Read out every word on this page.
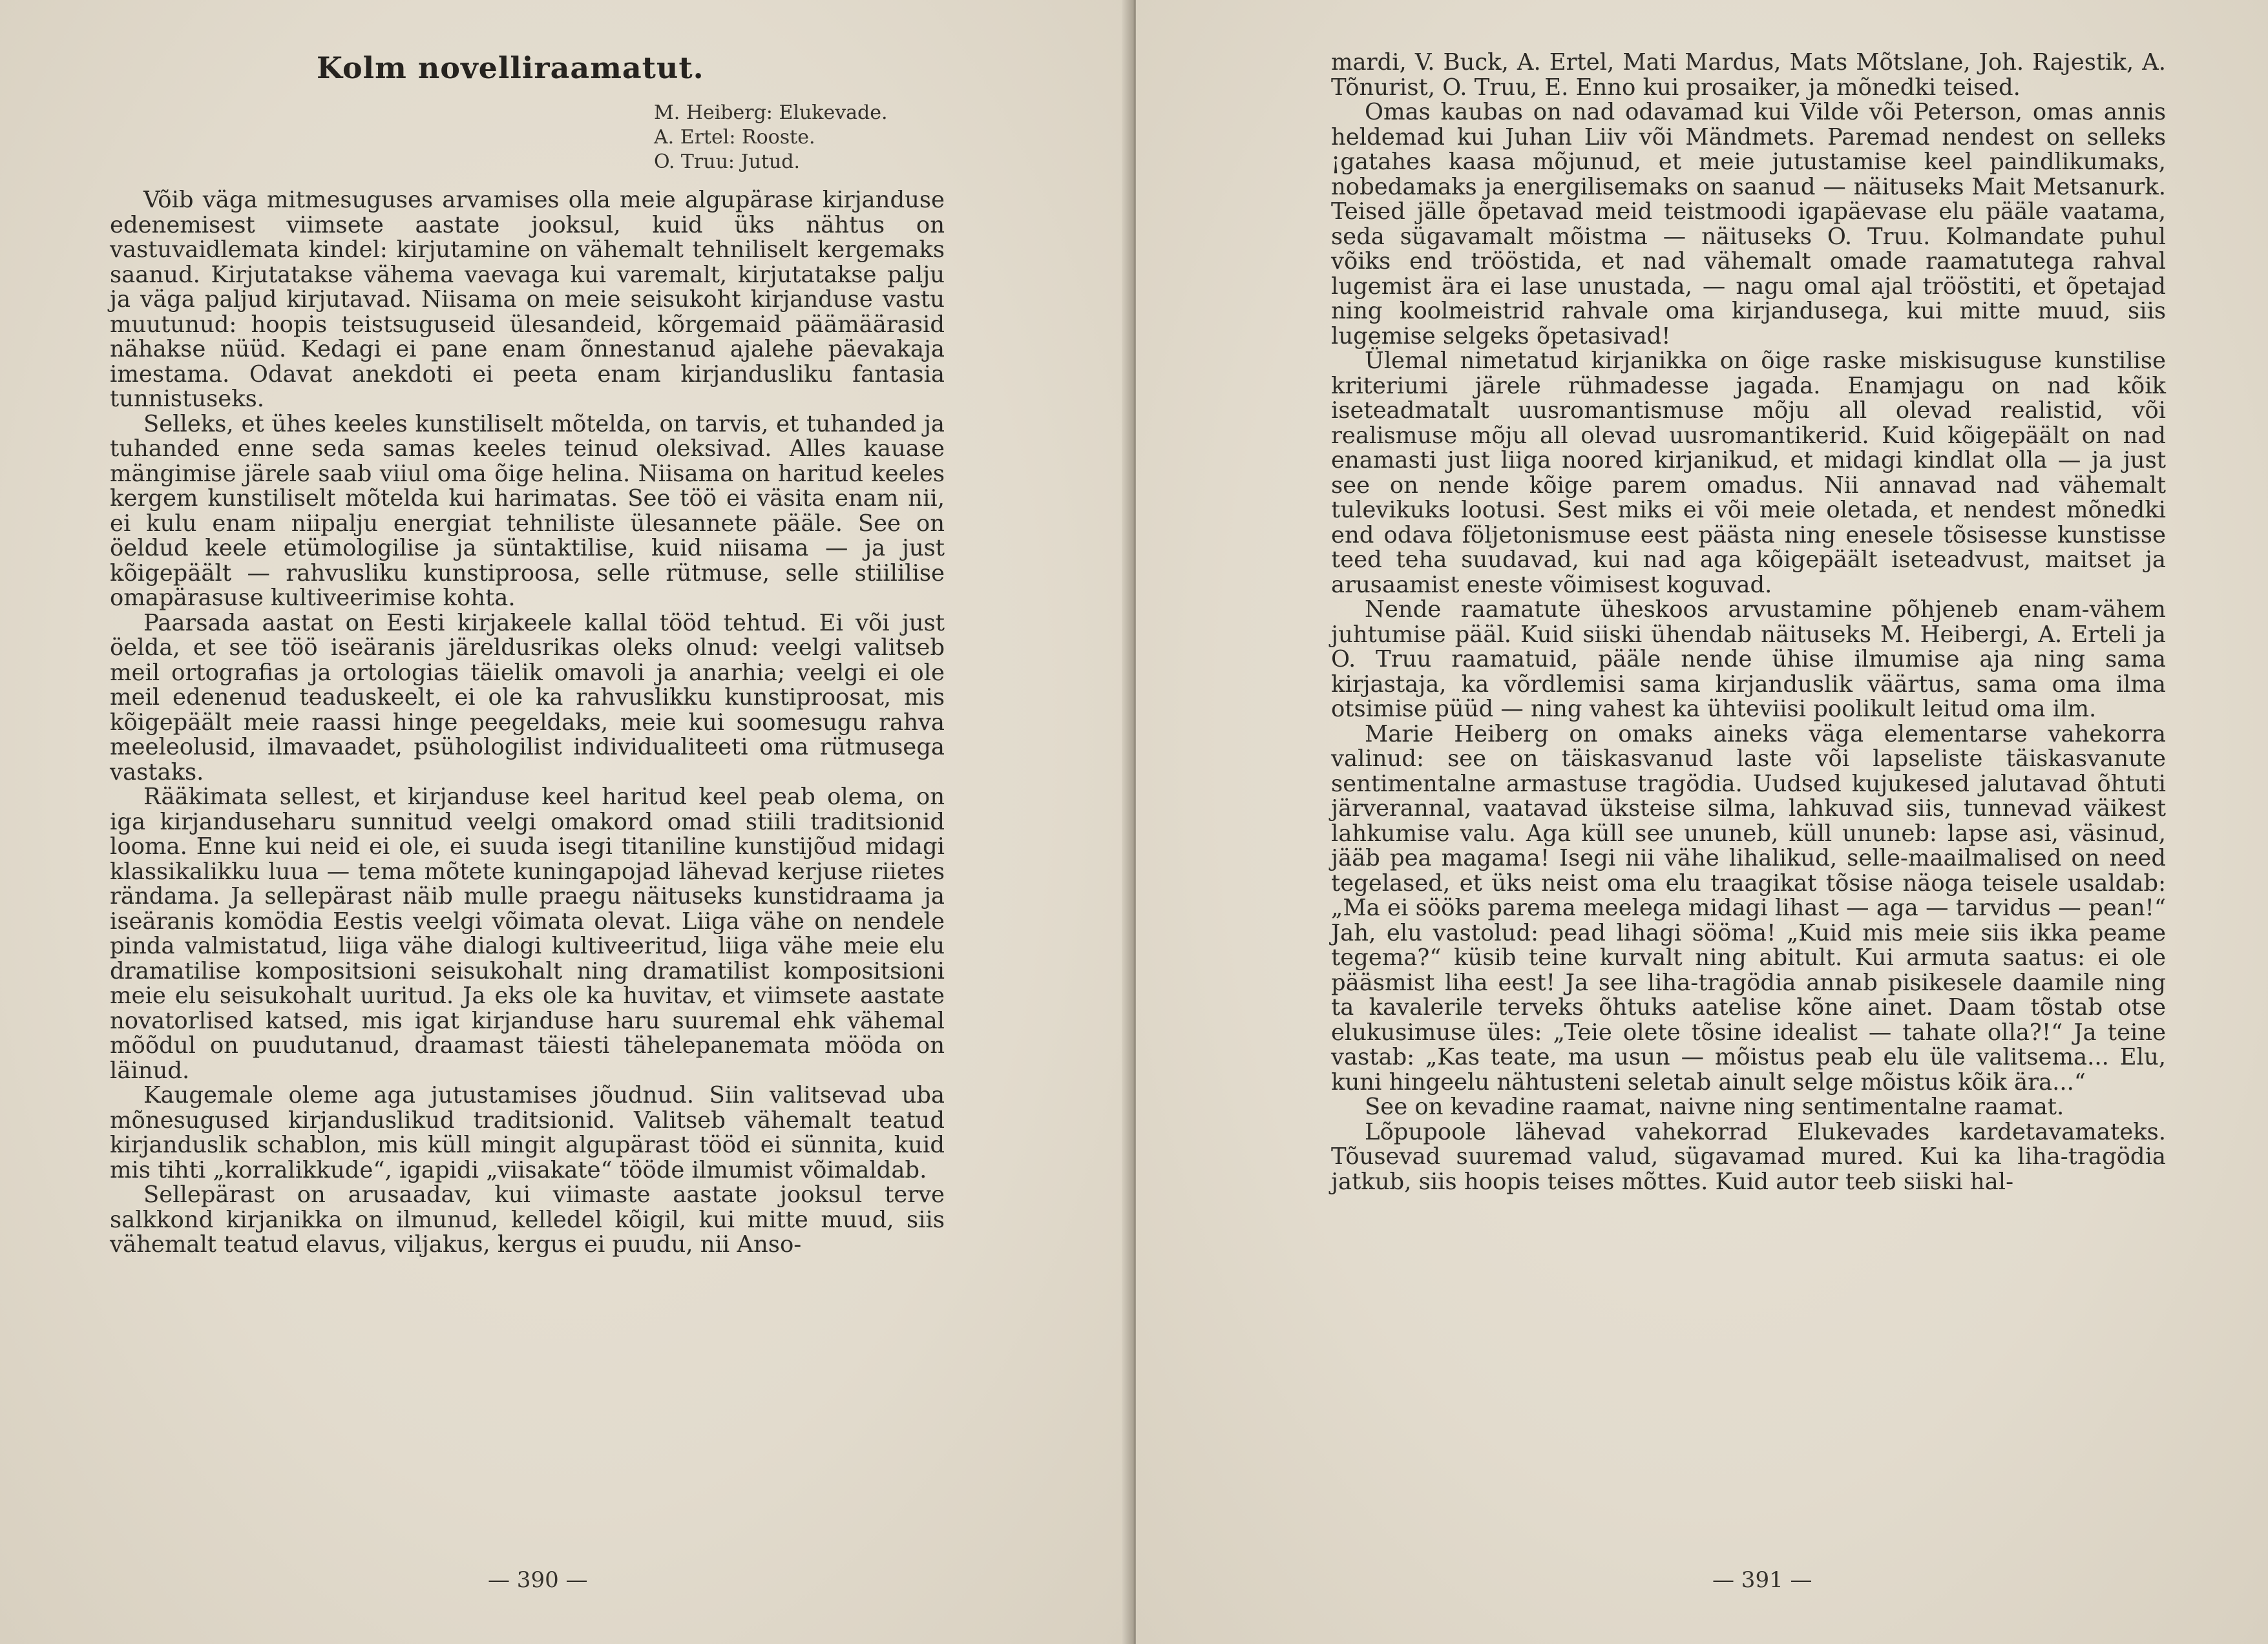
Kolm novelliraamatut.
M. Heiberg: Elukevade.
A. Ertel: Rooste.
O. Truu: Jutud.

Võib väga mitmesuguses arvamises olla meie algupärase kirjanduse edenemisest viimsete aastate jooksul, kuid üks nähtus on vastuvaidlemata kindel: kirjutamine on vähemalt tehniliselt kergemaks saanud. Kirjutatakse vähema vaevaga kui varemalt, kirjutatakse palju ja väga paljud kirjutavad. Niisama on meie seisukoht kirjanduse vastu muutunud: hoopis teistsuguseid ülesandeid, kõrgemaid päämäärasid nähakse nüüd. Kedagi ei pane enam õnnestanud ajalehe päevakaja imestama. Odavat anekdoti ei peeta enam kirjandusliku fantasia tunnistuseks.

Selleks, et ühes keeles kunstiliselt mõtelda, on tarvis, et tuhanded ja tuhanded enne seda samas keeles teinud oleksivad. Alles kauase mängimise järele saab viiul oma õige helina. Niisama on haritud keeles kergem kunstiliselt mõtelda kui harimatas. See töö ei väsita enam nii, ei kulu enam niipalju energiat tehniliste ülesannete pääle. See on öeldud keele etümologilise ja süntaktilise, kuid niisama — ja just kõigepäält — rahvusliku kunstiproosa, selle rütmuse, selle stiililise omapärasuse kultiveerimise kohta.

Paarsada aastat on Eesti kirjakeele kallal tööd tehtud. Ei või just öelda, et see töö iseäranis järeldusrikas oleks olnud: veelgi valitseb meil ortografias ja ortologias täielik omavoli ja anarhia; veelgi ei ole meil edenenud teaduskeelt, ei ole ka rahvuslikku kunstiproosat, mis kõigepäält meie raassi hinge peegeldaks, meie kui soomesugu rahva meeleolusid, ilmavaadet, psühologilist individualiteeti oma rütmusega vastaks.

Rääkimata sellest, et kirjanduse keel haritud keel peab olema, on iga kirjanduseharu sunnitud veelgi omakord omad stiili traditsionid looma. Enne kui neid ei ole, ei suuda isegi titaniline kunstijõud midagi klassikalikku luua — tema mõtete kuningapojad lähevad kerjuse riietes rändama. Ja sellepärast näib mulle praegu näituseks kunstidraama ja iseäranis komödia Eestis veelgi võimata olevat. Liiga vähe on nendele pinda valmistatud, liiga vähe dialogi kultiveeritud, liiga vähe meie elu dramatilise kompositsioni seisukohalt ning dramatilist kompositsioni meie elu seisukohalt uuritud. Ja eks ole ka huvitav, et viimsete aastate novatorlised katsed, mis igat kirjanduse haru suuremal ehk vähemal mõõdul on puudutanud, draamast täiesti tähelepanemata mööda on läinud.

Kaugemale oleme aga jutustamises jõudnud. Siin valitsevad uba mõnesugused kirjanduslikud traditsionid. Valitseb vähemalt teatud kirjanduslik schablon, mis küll mingit algupärast tööd ei sünnita, kuid mis tihti „korralikkude“, igapidi „viisakate“ tööde ilmumist võimaldab.

Sellepärast on arusaadav, kui viimaste aastate jooksul terve salkkond kirjanikka on ilmunud, kelledel kõigil, kui mitte muud, siis vähemalt teatud elavus, viljakus, kergus ei puudu, nii Anso-

— 390 —

mardi, V. Buck, A. Ertel, Mati Mardus, Mats Mõtslane, Joh. Rajestik, A. Tõnurist, O. Truu, E. Enno kui prosaiker, ja mõnedki teised.

Omas kaubas on nad odavamad kui Vilde või Peterson, omas annis heldemad kui Juhan Liiv või Mändmets. Paremad nendest on selleks ¡gatahes kaasa mõjunud, et meie jutustamise keel paindlikumaks, nobedamaks ja energilisemaks on saanud — näituseks Mait Metsanurk. Teised jälle õpetavad meid teistmoodi igapäevase elu pääle vaatama, seda sügavamalt mõistma — näituseks O. Truu. Kolmandate puhul võiks end trööstida, et nad vähemalt omade raamatutega rahval lugemist ära ei lase unustada, — nagu omal ajal trööstiti, et õpetajad ning koolmeistrid rahvale oma kirjandusega, kui mitte muud, siis lugemise selgeks õpetasivad!

Ülemal nimetatud kirjanikka on õige raske miskisuguse kunstilise kriteriumi järele rühmadesse jagada. Enamjagu on nad kõik iseteadmatalt uusromantismuse mõju all olevad realistid, või realismuse mõju all olevad uusromantikerid. Kuid kõigepäält on nad enamasti just liiga noored kirjanikud, et midagi kindlat olla — ja just see on nende kõige parem omadus. Nii annavad nad vähemalt tulevikuks lootusi. Sest miks ei või meie oletada, et nendest mõnedki end odava följetonismuse eest päästa ning enesele tõsisesse kunstisse teed teha suudavad, kui nad aga kõigepäält iseteadvust, maitset ja arusaamist eneste võimisest koguvad.

Nende raamatute üheskoos arvustamine põhjeneb enam-vähem juhtumise pääl. Kuid siiski ühendab näituseks M. Heibergi, A. Erteli ja O. Truu raamatuid, pääle nende ühise ilmumise aja ning sama kirjastaja, ka võrdlemisi sama kirjanduslik väärtus, sama oma ilma otsimise püüd — ning vahest ka ühteviisi poolikult leitud oma ilm.

Marie Heiberg on omaks aineks väga elementarse vahekorra valinud: see on täiskasvanud laste või lapseliste täiskasvanute sentimentalne armastuse tragödia. Uudsed kujukesed jalutavad õhtuti järverannal, vaatavad üksteise silma, lahkuvad siis, tunnevad väikest lahkumise valu. Aga küll see ununeb, küll ununeb: lapse asi, väsinud, jääb pea magama! Isegi nii vähe lihalikud, selle-maailmalised on need tegelased, et üks neist oma elu traagikat tõsise näoga teisele usaldab: „Ma ei sööks parema meelega midagi lihast — aga — tarvidus — pean!“ Jah, elu vastolud: pead lihagi sööma! „Kuid mis meie siis ikka peame tegema?“ küsib teine kurvalt ning abitult. Kui armuta saatus: ei ole pääsmist liha eest! Ja see liha-tragödia annab pisikesele daamile ning ta kavalerile terveks õhtuks aatelise kõne ainet. Daam tõstab otse elukusimuse üles: „Teie olete tõsine idealist — tahate olla?!“ Ja teine vastab: „Kas teate, ma usun — mõistus peab elu üle valitsema... Elu, kuni hingeelu nähtusteni seletab ainult selge mõistus kõik ära...“

See on kevadine raamat, naivne ning sentimentalne raamat.

Lõpupoole lähevad vahekorrad Elukevades kardetavamateks. Tõusevad suuremad valud, sügavamad mured. Kui ka liha-tragödia jatkub, siis hoopis teises mõttes. Kuid autor teeb siiski hal-

— 391 —
